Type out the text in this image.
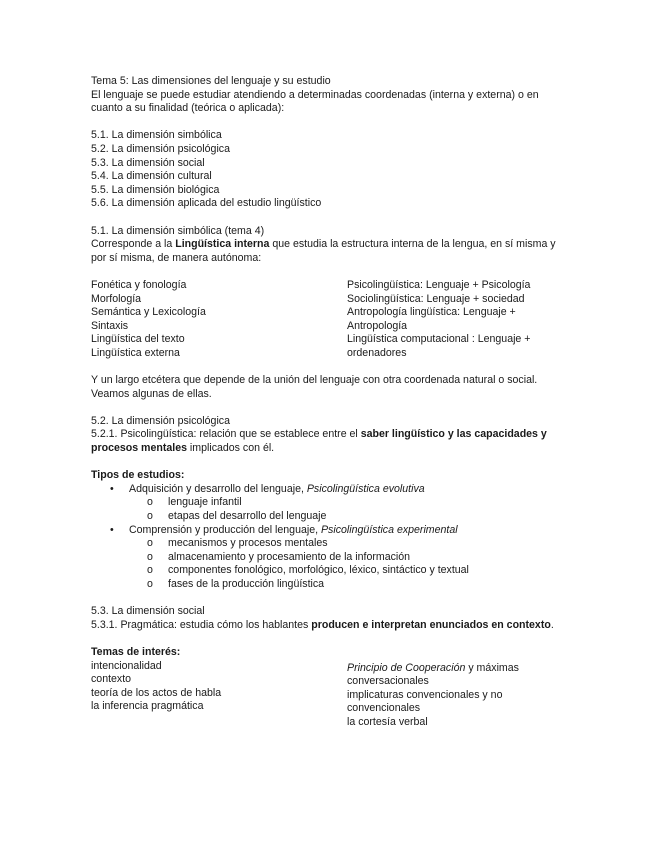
Tema 5: Las dimensiones del lenguaje y su estudio

El lenguaje se puede estudiar atendiendo a determinadas coordenadas (interna y externa) o en cuanto a su finalidad (teórica o aplicada):

5.1. La dimensión simbólica

5.2. La dimensión psicológica

5.3. La dimensión social

5.4. La dimensión cultural

5.5. La dimensión biológica

5.6. La dimensión aplicada del estudio lingüístico

5.1. La dimensión simbólica (tema 4)

Corresponde a la Lingüística interna que estudia la estructura interna de la lengua, en sí misma y por sí misma, de manera autónoma:

Fonética y fonología

Morfología

Semántica y Lexicología

Sintaxis

Lingüística del texto

Lingüística externa

Psicolingüística: Lenguaje + Psicología

Sociolingüística: Lenguaje + sociedad

Antropología lingüística: Lenguaje + Antropología

Lingüística computacional : Lenguaje + ordenadores

Y un largo etcétera que depende de la unión del lenguaje con otra coordenada natural o social. Veamos algunas de ellas.

5.2. La dimensión psicológica

5.2.1. Psicolingüística: relación que se establece entre el saber lingüístico y las capacidades y procesos mentales implicados con él.

Tipos de estudios:

• Adquisición y desarrollo del lenguaje, Psicolingüística evolutiva
o lenguaje infantil
o etapas del desarrollo del lenguaje
• Comprensión y producción del lenguaje, Psicolingüística experimental
o mecanismos y procesos mentales
o almacenamiento y procesamiento de la información
o componentes fonológico, morfológico, léxico, sintáctico y textual
o fases de la producción lingüística

5.3. La dimensión social

5.3.1. Pragmática: estudia cómo los hablantes producen e interpretan enunciados en contexto.

Temas de interés:

intencionalidad

contexto

teoría de los actos de habla

la inferencia pragmática

Principio de Cooperación y máximas conversacionales

implicaturas convencionales y no convencionales

la cortesía verbal
